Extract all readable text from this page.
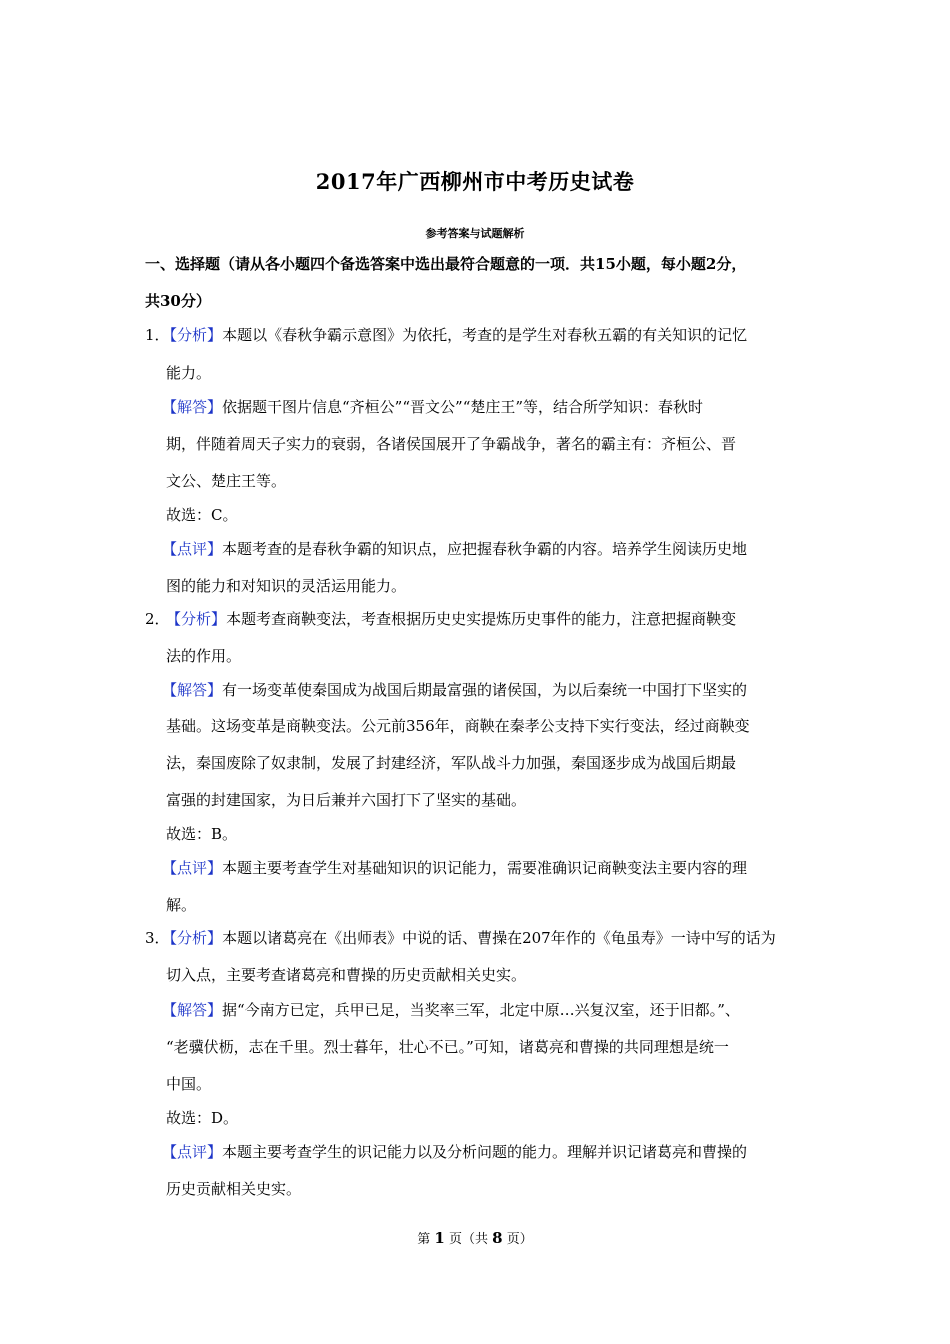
2017年广西柳州市中考历史试卷
参考答案与试题解析
一、选择题（请从各小题四个备选答案中选出最符合题意的一项．共15小题，每小题2分，
共30分）
1．【分析】本题以《春秋争霸示意图》为依托，考查的是学生对春秋五霸的有关知识的记忆
能力。
【解答】依据题干图片信息“齐桓公”“晋文公”“楚庄王”等，结合所学知识：春秋时
期，伴随着周天子实力的衰弱，各诸侯国展开了争霸战争，著名的霸主有：齐桓公、晋
文公、楚庄王等。
故选：C。
【点评】本题考查的是春秋争霸的知识点，应把握春秋争霸的内容。培养学生阅读历史地
图的能力和对知识的灵活运用能力。
2． 【分析】本题考查商鞅变法，考查根据历史史实提炼历史事件的能力，注意把握商鞅变
法的作用。
【解答】有一场变革使秦国成为战国后期最富强的诸侯国，为以后秦统一中国打下坚实的
基础。这场变革是商鞅变法。公元前356年，商鞅在秦孝公支持下实行变法，经过商鞅变
法，秦国废除了奴隶制，发展了封建经济，军队战斗力加强，秦国逐步成为战国后期最
富强的封建国家，为日后兼并六国打下了坚实的基础。
故选：B。
【点评】本题主要考查学生对基础知识的识记能力，需要准确识记商鞅变法主要内容的理
解。
3．【分析】本题以诸葛亮在《出师表》中说的话、曹操在207年作的《龟虽寿》一诗中写的话为
切入点，主要考查诸葛亮和曹操的历史贡献相关史实。
【解答】据“今南方已定，兵甲已足，当奖率三军，北定中原…兴复汉室，还于旧都。”、
“老骥伏枥，志在千里。烈士暮年，壮心不已。”可知，诸葛亮和曹操的共同理想是统一
中国。
故选：D。
【点评】本题主要考查学生的识记能力以及分析问题的能力。理解并识记诸葛亮和曹操的
历史贡献相关史实。
第 1 页（共 8 页）
